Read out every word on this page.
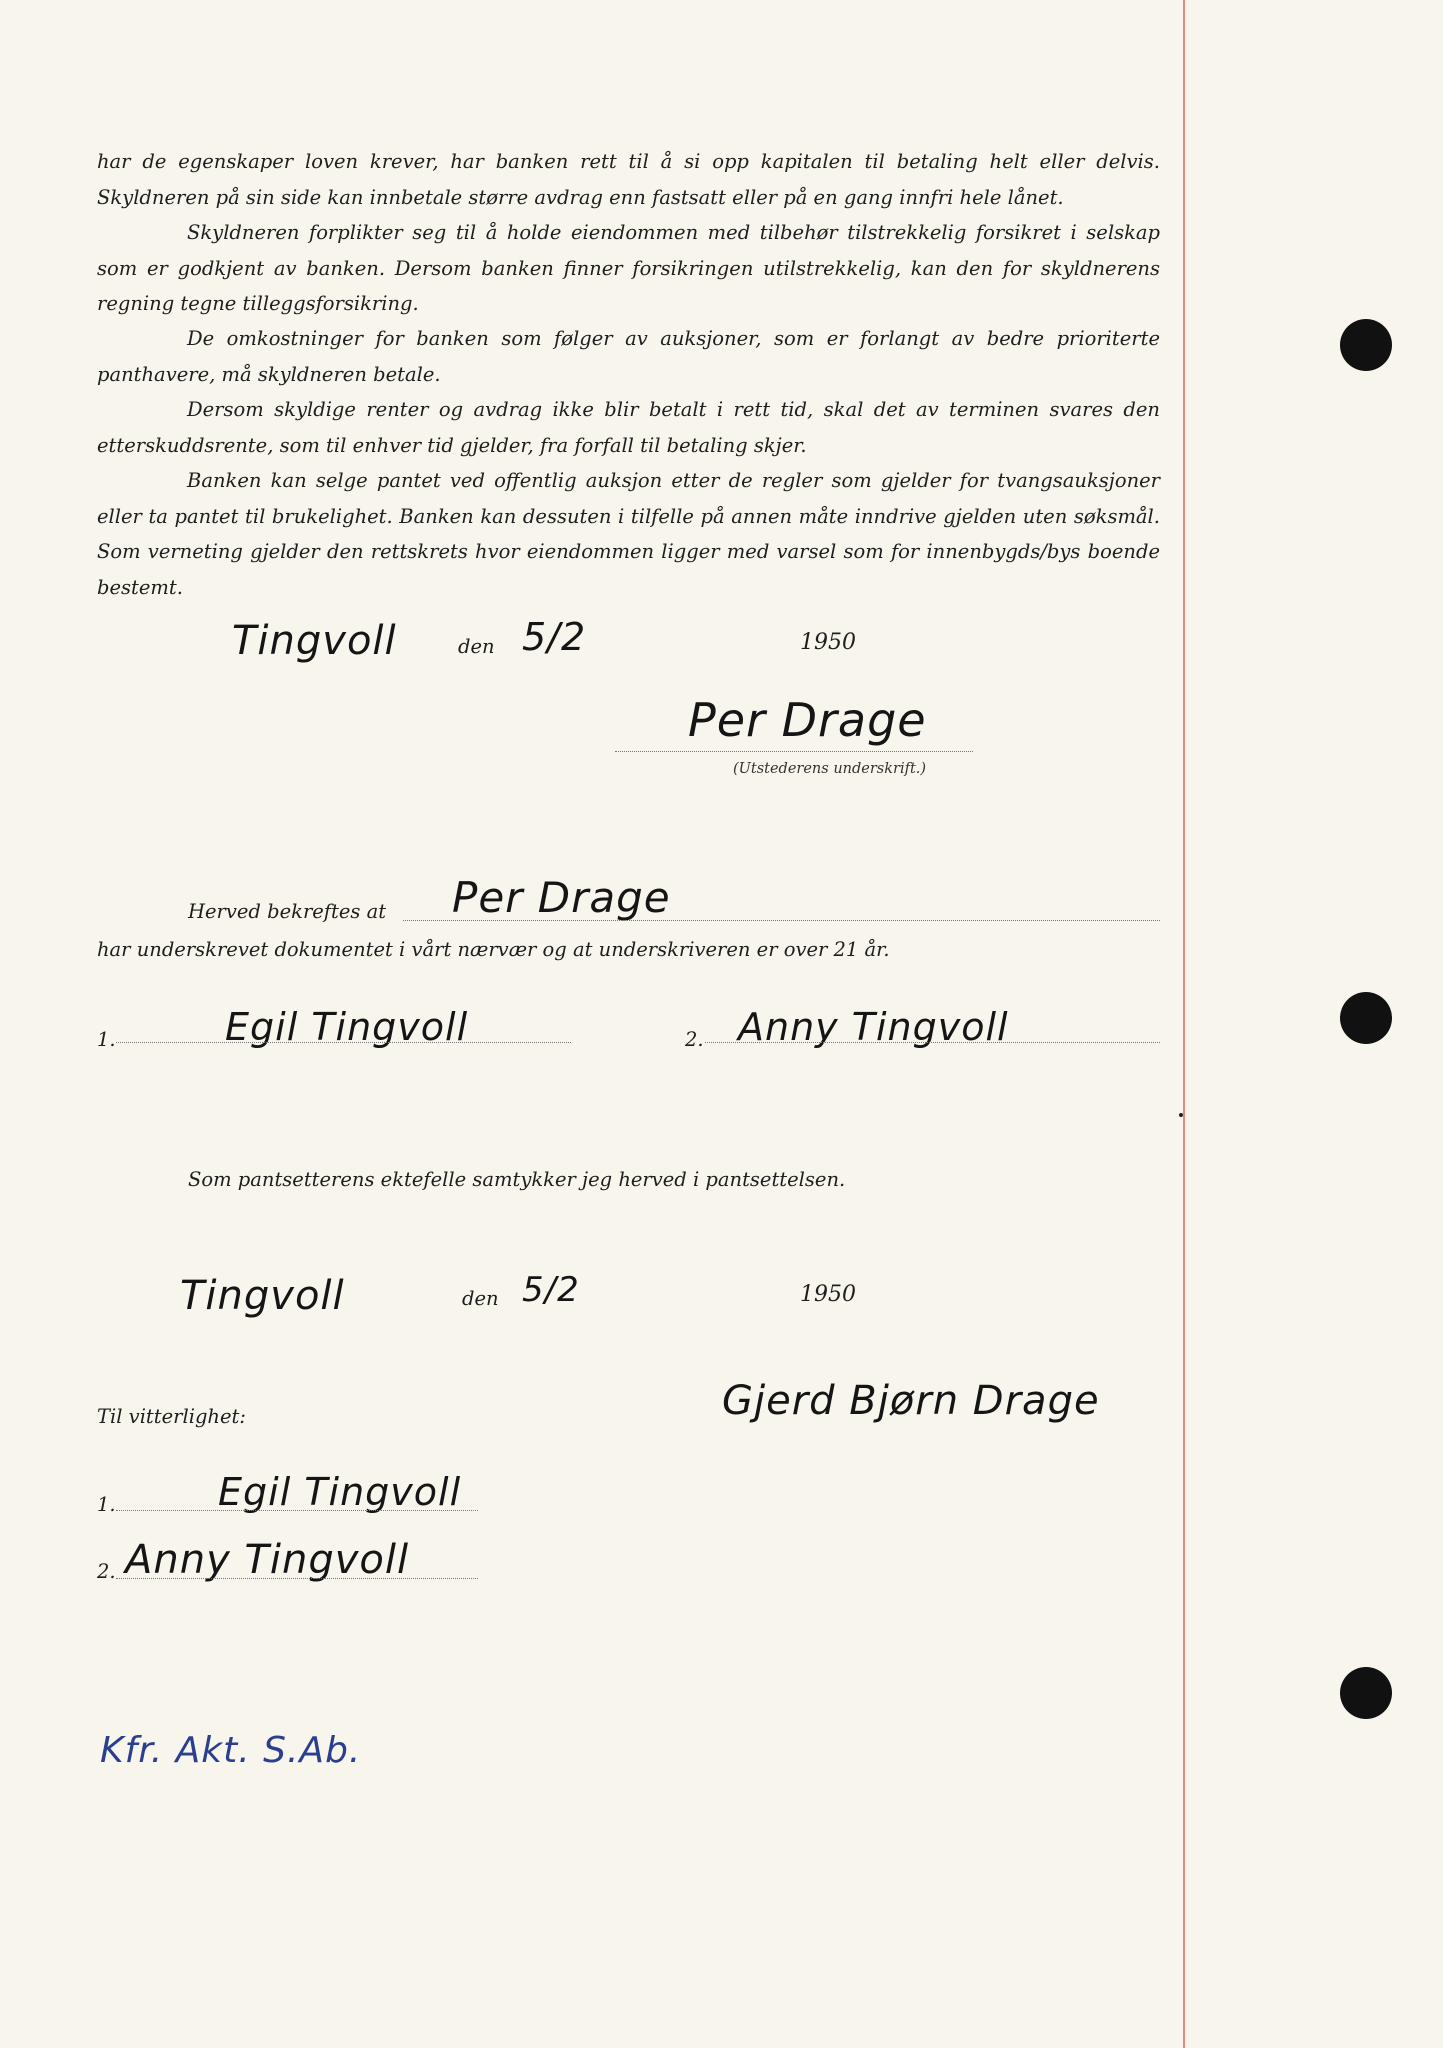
har de egenskaper loven krever, har banken rett til å si opp kapitalen til betaling helt eller delvis. Skyldneren på sin side kan innbetale større avdrag enn fastsatt eller på en gang innfri hele lånet.

Skyldneren forplikter seg til å holde eiendommen med tilbehør tilstrekkelig forsikret i selskap som er godkjent av banken. Dersom banken finner forsikringen utilstrekkelig, kan den for skyldnerens regning tegne tilleggsforsikring.

De omkostninger for banken som følger av auksjoner, som er forlangt av bedre prioriterte panthavere, må skyldneren betale.

Dersom skyldige renter og avdrag ikke blir betalt i rett tid, skal det av terminen svares den etterskuddsrente, som til enhver tid gjelder, fra forfall til betaling skjer.

Banken kan selge pantet ved offentlig auksjon etter de regler som gjelder for tvangsauksjoner eller ta pantet til brukelighet. Banken kan dessuten i tilfelle på annen måte inndrive gjelden uten søksmål. Som verneting gjelder den rettskrets hvor eiendommen ligger med varsel som for innenbygds/bys boende bestemt.

Tingvoll	den 5/2	1950
Per Drage
(Utstederens underskrift.)
Herved bekreftes at Per Drage
har underskrevet dokumentet i vårt nærvær og at underskriveren er over 21 år.
1.	Egil Tingvoll	2. Anny Tingvoll
Som pantsetterens ektefelle samtykker jeg herved i pantsettelsen.
Tingvoll	den 5/2	1950
Gjerd Bjørn Drage
Til vitterlighet:
1.	Egil Tingvoll
2. Anny Tingvoll
Kfr. Akt. S.Ab.
